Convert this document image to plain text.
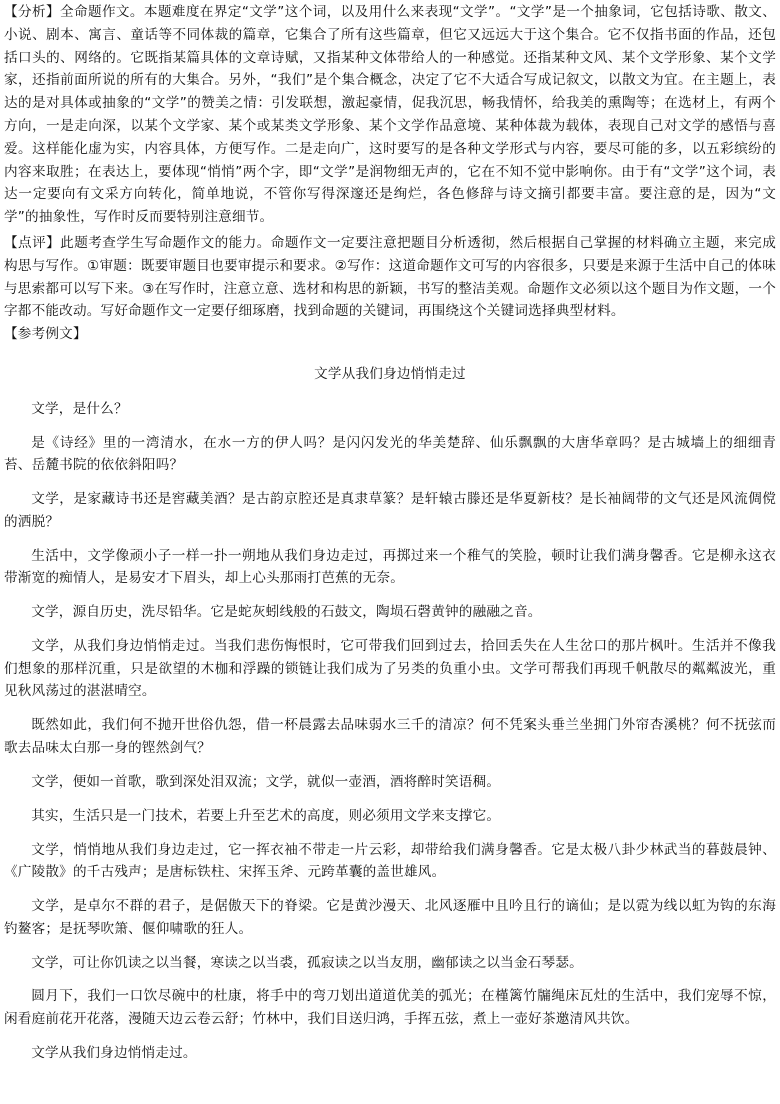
【分析】全命题作文。本题难度在界定“文学”这个词，以及用什么来表现“文学”。“文学”是一个抽象词，它包括诗歌、散文、小说、剧本、寓言、童话等不同体裁的篇章，它集合了所有这些篇章，但它又远远大于这个集合。它不仅指书面的作品，还包括口头的、网络的。它既指某篇具体的文章诗赋，又指某种文体带给人的一种感觉。还指某种文风、某个文学形象、某个文学家，还指前面所说的所有的大集合。另外，“我们”是个集合概念，决定了它不大适合写成记叙文，以散文为宜。在主题上，表达的是对具体或抽象的“文学”的赞美之情：引发联想，激起豪情，促我沉思，畅我情怀，给我美的熏陶等；在选材上，有两个方向，一是走向深，以某个文学家、某个或某类文学形象、某个文学作品意境、某种体裁为载体，表现自己对文学的感悟与喜爱。这样能化虚为实，内容具体，方便写作。二是走向广，这时要写的是各种文学形式与内容，要尽可能的多，以五彩缤纷的内容来取胜；在表达上，要体现“悄悄”两个字，即“文学”是润物细无声的，它在不知不觉中影响你。由于有“文学”这个词，表达一定要向有文采方向转化，简单地说，不管你写得深邃还是绚烂，各色修辞与诗文摘引都要丰富。要注意的是，因为“文学”的抽象性，写作时反而要特别注意细节。

【点评】此题考查学生写命题作文的能力。命题作文一定要注意把题目分析透彻，然后根据自己掌握的材料确立主题，来完成构思与写作。①审题：既要审题目也要审提示和要求。②写作：这道命题作文可写的内容很多，只要是来源于生活中自己的体味与思索都可以写下来。③在写作时，注意立意、选材和构思的新颖，书写的整洁美观。命题作文必须以这个题目为作文题，一个字都不能改动。写好命题作文一定要仔细琢磨，找到命题的关键词，再围绕这个关键词选择典型材料。

【参考例文】

文学从我们身边悄悄走过

文学，是什么？

是《诗经》里的一湾清水，在水一方的伊人吗？是闪闪发光的华美楚辞、仙乐飘飘的大唐华章吗？是古城墙上的细细青苔、岳麓书院的依依斜阳吗？

文学，是家藏诗书还是窖藏美酒？是古韵京腔还是真隶草篆？是轩辕古滕还是华夏新枝？是长袖阔带的文气还是风流倜傥的洒脱？

生活中，文学像顽小子一样一扑一朔地从我们身边走过，再掷过来一个稚气的笑脸，顿时让我们满身馨香。它是柳永这衣带渐宽的痴情人，是易安才下眉头，却上心头那雨打芭蕉的无奈。

文学，源自历史，洗尽铅华。它是蛇灰蚓线般的石鼓文，陶埙石磬黄钟的融融之音。

文学，从我们身边悄悄走过。当我们悲伤悔恨时，它可带我们回到过去，拾回丢失在人生岔口的那片枫叶。生活并不像我们想象的那样沉重，只是欲望的木枷和浮躁的锁链让我们成为了另类的负重小虫。文学可帮我们再现千帆散尽的粼粼波光，重见秋风荡过的湛湛晴空。

既然如此，我们何不抛开世俗仇怨，借一杯晨露去品味弱水三千的清凉？何不凭案头垂兰坐拥门外帘杏溪桃？何不抚弦而歌去品味太白那一身的铿然剑气？

文学，便如一首歌，歌到深处泪双流；文学，就似一壶酒，酒将醉时笑语稠。

其实，生活只是一门技术，若要上升至艺术的高度，则必须用文学来支撑它。

文学，悄悄地从我们身边走过，它一挥衣袖不带走一片云彩，却带给我们满身馨香。它是太极八卦少林武当的暮鼓晨钟、《广陵散》的千古残声；是唐标铁柱、宋挥玉斧、元跨革囊的盖世雄风。

文学，是卓尔不群的君子，是倨傲天下的脊梁。它是黄沙漫天、北风逐雁中且吟且行的谪仙；是以霓为线以虹为钩的东海钓鳌客；是抚琴吹箫、偃仰啸歌的狂人。

文学，可让你饥读之以当餐，寒读之以当裘，孤寂读之以当友朋，幽郁读之以当金石琴瑟。

圆月下，我们一口饮尽碗中的杜康，将手中的弯刀划出道道优美的弧光；在槿篱竹牖绳床瓦灶的生活中，我们宠辱不惊，闲看庭前花开花落，漫随天边云卷云舒；竹林中，我们目送归鸿，手挥五弦，煮上一壶好茶邀清风共饮。

文学从我们身边悄悄走过。
